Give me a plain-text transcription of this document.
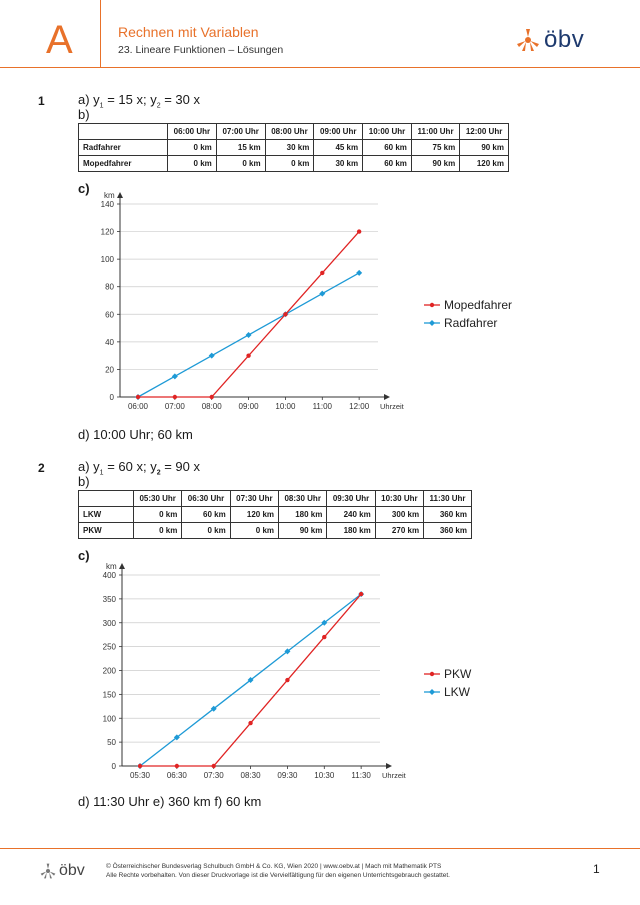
A	Rechnen mit Variablen
23. Lineare Funktionen – Lösungen	öbv
1	a) $y_1 = 15$ x; $y_2 = 30$ x
b)
	06:00 Uhr	07:00 Uhr	08:00 Uhr	09:00 Uhr	10:00 Uhr	11:00 Uhr	12:00 Uhr
Radfahrer	0 km	15 km	30 km	45 km	60 km	75 km	90 km
Mopedfahrer	0 km	0 km	0 km	30 km	60 km	90 km	120 km
c)
0
20
40
60
80
100
120
140
km
Uhrzeit
06:00 07:00 08:00 09:00 10:00 11:00 12:00
Mopedfahrer
Radfahrer
d) 10:00 Uhr; 60 km
2	a) $y_1 = 60$ x; $y_2 = 90$ x
b)
	05:30 Uhr	06:30 Uhr	07:30 Uhr	08:30 Uhr	09:30 Uhr	10:30 Uhr	11:30 Uhr
LKW	0 km	60 km	120 km	180 km	240 km	300 km	360 km
PKW	0 km	0 km	0 km	90 km	180 km	270 km	360 km
c)
0
50
100
150
200
250
300
350
400
km
Uhrzeit
05:30 06:30 07:30 08:30 09:30 10:30 11:30
PKW
LKW
d) 11:30 Uhr e) 360 km f) 60 km
öbv	© Österreichischer Bundesverlag Schulbuch GmbH & Co. KG, Wien 2020 | www.oebv.at | Mach mit Mathematik PTS
Alle Rechte vorbehalten. Von dieser Druckvorlage ist die Vervielfältigung für den eigenen Unterrichtsgebrauch gestattet.	1
